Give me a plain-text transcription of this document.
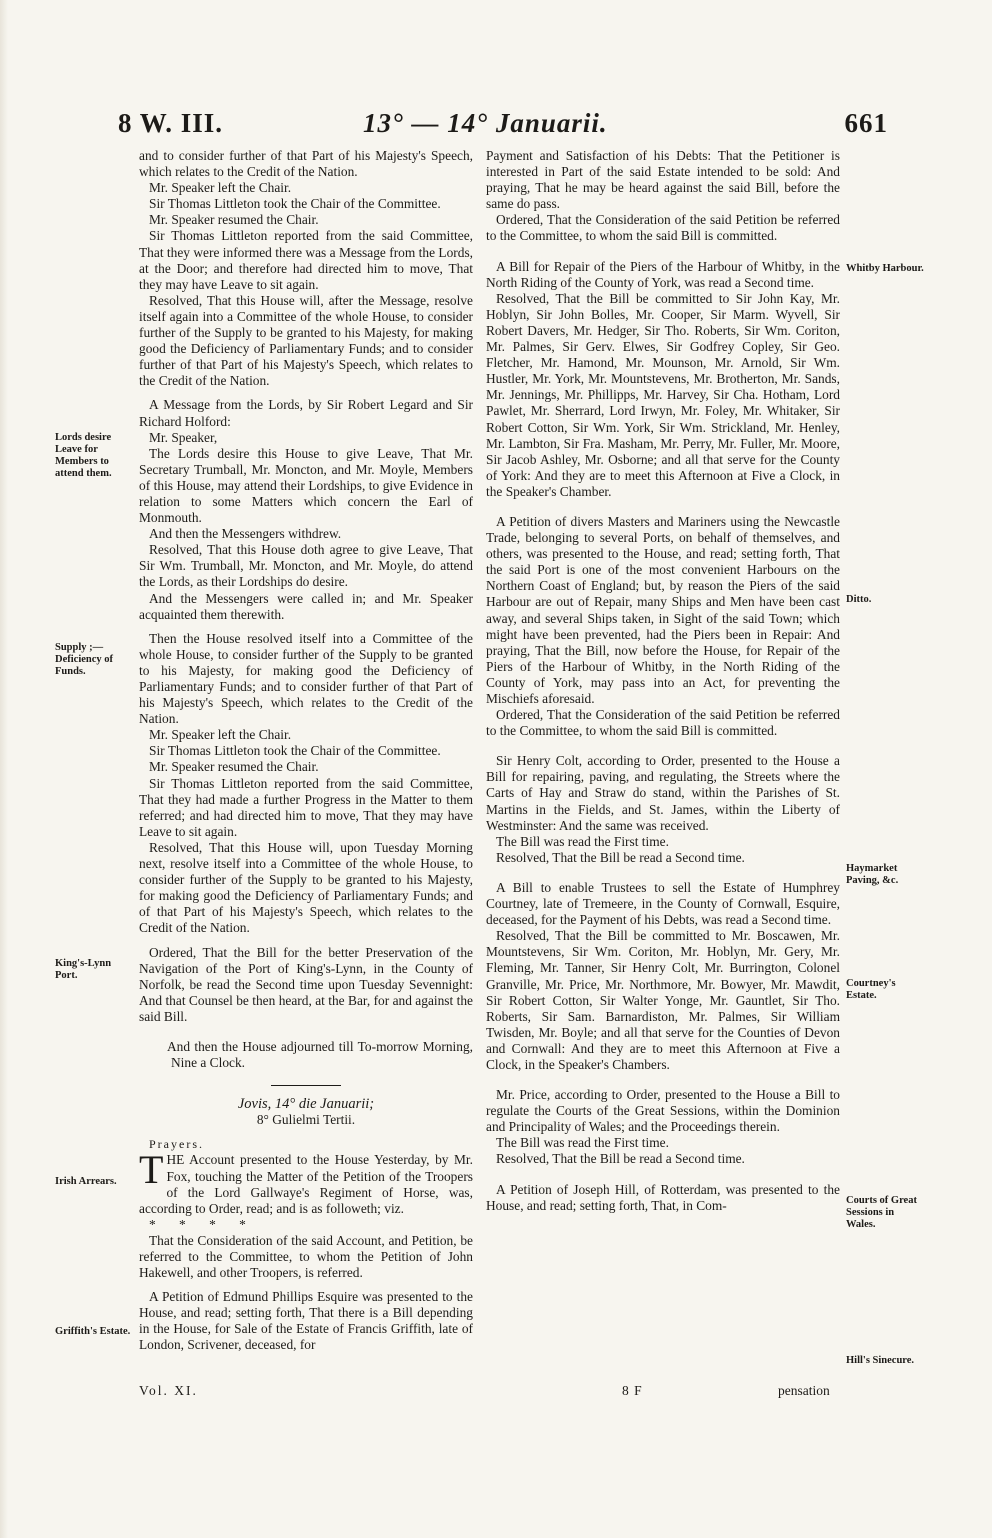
8 W. III.	13° — 14° Januarii.	661
Lords desire Leave for Members to attend them.
Supply ;— Deficiency of Funds.
King's-Lynn Port.
Irish Arrears.
Griffith's Estate.
Whitby Harbour.
Ditto.
Haymarket Paving, &c.
Courtney's Estate.
Courts of Great Sessions in Wales.
Hill's Sinecure.

and to consider further of that Part of his Majesty's Speech, which relates to the Credit of the Nation.

Mr. Speaker left the Chair.

Sir Thomas Littleton took the Chair of the Committee.

Mr. Speaker resumed the Chair.

Sir Thomas Littleton reported from the said Committee, That they were informed there was a Message from the Lords, at the Door; and therefore had directed him to move, That they may have Leave to sit again.

Resolved, That this House will, after the Message, resolve itself again into a Committee of the whole House, to consider further of the Supply to be granted to his Majesty, for making good the Deficiency of Parliamentary Funds; and to consider further of that Part of his Majesty's Speech, which relates to the Credit of the Nation.

A Message from the Lords, by Sir Robert Legard and Sir Richard Holford:

Mr. Speaker,

The Lords desire this House to give Leave, That Mr. Secretary Trumball, Mr. Moncton, and Mr. Moyle, Members of this House, may attend their Lordships, to give Evidence in relation to some Matters which concern the Earl of Monmouth.

And then the Messengers withdrew.

Resolved, That this House doth agree to give Leave, That Sir Wm. Trumball, Mr. Moncton, and Mr. Moyle, do attend the Lords, as their Lordships do desire.

And the Messengers were called in; and Mr. Speaker acquainted them therewith.

Then the House resolved itself into a Committee of the whole House, to consider further of the Supply to be granted to his Majesty, for making good the Deficiency of Parliamentary Funds; and to consider further of that Part of his Majesty's Speech, which relates to the Credit of the Nation.

Mr. Speaker left the Chair.

Sir Thomas Littleton took the Chair of the Committee.

Mr. Speaker resumed the Chair.

Sir Thomas Littleton reported from the said Committee, That they had made a further Progress in the Matter to them referred; and had directed him to move, That they may have Leave to sit again.

Resolved, That this House will, upon Tuesday Morning next, resolve itself into a Committee of the whole House, to consider further of the Supply to be granted to his Majesty, for making good the Deficiency of Parliamentary Funds; and of that Part of his Majesty's Speech, which relates to the Credit of the Nation.

Ordered, That the Bill for the better Preservation of the Navigation of the Port of King's-Lynn, in the County of Norfolk, be read the Second time upon Tuesday Sevennight: And that Counsel be then heard, at the Bar, for and against the said Bill.

And then the House adjourned till To-morrow Morning, Nine a Clock.

Jovis, 14° die Januarii;

8° Gulielmi Tertii.

Prayers.

THE Account presented to the House Yesterday, by Mr. Fox, touching the Matter of the Petition of the Troopers of the Lord Gallwaye's Regiment of Horse, was, according to Order, read; and is as followeth; viz.

* * * *

That the Consideration of the said Account, and Petition, be referred to the Committee, to whom the Petition of John Hakewell, and other Troopers, is referred.

A Petition of Edmund Phillips Esquire was presented to the House, and read; setting forth, That there is a Bill depending in the House, for Sale of the Estate of Francis Griffith, late of London, Scrivener, deceased, for

Payment and Satisfaction of his Debts: That the Petitioner is interested in Part of the said Estate intended to be sold: And praying, That he may be heard against the said Bill, before the same do pass.

Ordered, That the Consideration of the said Petition be referred to the Committee, to whom the said Bill is committed.

A Bill for Repair of the Piers of the Harbour of Whitby, in the North Riding of the County of York, was read a Second time.

Resolved, That the Bill be committed to Sir John Kay, Mr. Hoblyn, Sir John Bolles, Mr. Cooper, Sir Marm. Wyvell, Sir Robert Davers, Mr. Hedger, Sir Tho. Roberts, Sir Wm. Coriton, Mr. Palmes, Sir Gerv. Elwes, Sir Godfrey Copley, Sir Geo. Fletcher, Mr. Hamond, Mr. Mounson, Mr. Arnold, Sir Wm. Hustler, Mr. York, Mr. Mountstevens, Mr. Brotherton, Mr. Sands, Mr. Jennings, Mr. Phillipps, Mr. Harvey, Sir Cha. Hotham, Lord Pawlet, Mr. Sherrard, Lord Irwyn, Mr. Foley, Mr. Whitaker, Sir Robert Cotton, Sir Wm. York, Sir Wm. Strickland, Mr. Henley, Mr. Lambton, Sir Fra. Masham, Mr. Perry, Mr. Fuller, Mr. Moore, Sir Jacob Ashley, Mr. Osborne; and all that serve for the County of York: And they are to meet this Afternoon at Five a Clock, in the Speaker's Chamber.

A Petition of divers Masters and Mariners using the Newcastle Trade, belonging to several Ports, on behalf of themselves, and others, was presented to the House, and read; setting forth, That the said Port is one of the most convenient Harbours on the Northern Coast of England; but, by reason the Piers of the said Harbour are out of Repair, many Ships and Men have been cast away, and several Ships taken, in Sight of the said Town; which might have been prevented, had the Piers been in Repair: And praying, That the Bill, now before the House, for Repair of the Piers of the Harbour of Whitby, in the North Riding of the County of York, may pass into an Act, for preventing the Mischiefs aforesaid.

Ordered, That the Consideration of the said Petition be referred to the Committee, to whom the said Bill is committed.

Sir Henry Colt, according to Order, presented to the House a Bill for repairing, paving, and regulating, the Streets where the Carts of Hay and Straw do stand, within the Parishes of St. Martins in the Fields, and St. James, within the Liberty of Westminster: And the same was received.

The Bill was read the First time.

Resolved, That the Bill be read a Second time.

A Bill to enable Trustees to sell the Estate of Humphrey Courtney, late of Tremeere, in the County of Cornwall, Esquire, deceased, for the Payment of his Debts, was read a Second time.

Resolved, That the Bill be committed to Mr. Boscawen, Mr. Mountstevens, Sir Wm. Coriton, Mr. Hoblyn, Mr. Gery, Mr. Fleming, Mr. Tanner, Sir Henry Colt, Mr. Burrington, Colonel Granville, Mr. Price, Mr. Northmore, Mr. Bowyer, Mr. Mawdit, Sir Robert Cotton, Sir Walter Yonge, Mr. Gauntlet, Sir Tho. Roberts, Sir Sam. Barnardiston, Mr. Palmes, Sir William Twisden, Mr. Boyle; and all that serve for the Counties of Devon and Cornwall: And they are to meet this Afternoon at Five a Clock, in the Speaker's Chambers.

Mr. Price, according to Order, presented to the House a Bill to regulate the Courts of the Great Sessions, within the Dominion and Principality of Wales; and the Proceedings therein.

The Bill was read the First time.

Resolved, That the Bill be read a Second time.

A Petition of Joseph Hill, of Rotterdam, was presented to the House, and read; setting forth, That, in Com-

Vol. XI.	8 F	pensation
